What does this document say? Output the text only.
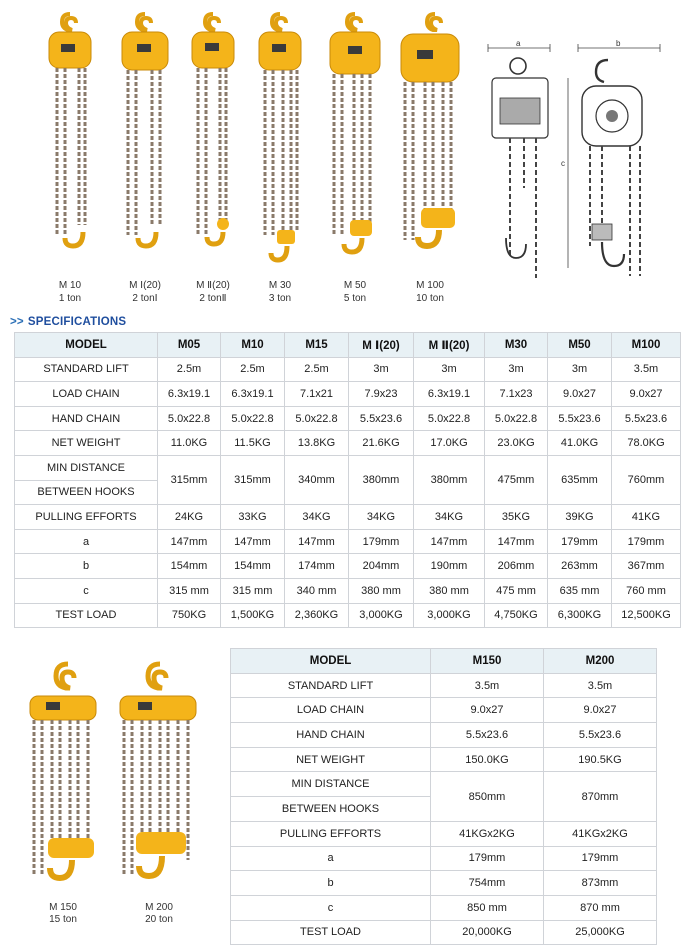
M 10
1 ton
M Ⅰ(20)
2 tonⅠ
M Ⅱ(20)
2 tonⅡ
M 30
3 ton
M 50
5 ton
M 100
10 ton
a	b
c
>> SPECIFICATIONS
MODEL	M05	M10	M15	M Ⅰ(20)	M Ⅱ(20)	M30	M50	M100
STANDARD LIFT	2.5m	2.5m	2.5m	3m	3m	3m	3m	3.5m
LOAD CHAIN	6.3x19.1	6.3x19.1	7.1x21	7.9x23	6.3x19.1	7.1x23	9.0x27	9.0x27
HAND CHAIN	5.0x22.8	5.0x22.8	5.0x22.8	5.5x23.6	5.0x22.8	5.0x22.8	5.5x23.6	5.5x23.6
NET WEIGHT	11.0KG	11.5KG	13.8KG	21.6KG	17.0KG	23.0KG	41.0KG	78.0KG
MIN DISTANCE	315mm	315mm	340mm	380mm	380mm	475mm	635mm	760mm
BETWEEN HOOKS								
PULLING EFFORTS	24KG	33KG	34KG	34KG	34KG	35KG	39KG	41KG
a	147mm	147mm	147mm	179mm	147mm	147mm	179mm	179mm
b	154mm	154mm	174mm	204mm	190mm	206mm	263mm	367mm
c	315 mm	315 mm	340 mm	380 mm	380 mm	475 mm	635 mm	760 mm
TEST LOAD	750KG	1,500KG	2,360KG	3,000KG	3,000KG	4,750KG	6,300KG	12,500KG
M 150
15 ton
M 200
20 ton
MODEL	M150	M200
STANDARD LIFT	3.5m	3.5m
LOAD CHAIN	9.0x27	9.0x27
HAND CHAIN	5.5x23.6	5.5x23.6
NET WEIGHT	150.0KG	190.5KG
MIN DISTANCE	850mm	870mm
BETWEEN HOOKS		
PULLING EFFORTS	41KGx2KG	41KGx2KG
a	179mm	179mm
b	754mm	873mm
c	850 mm	870 mm
TEST LOAD	20,000KG	25,000KG
